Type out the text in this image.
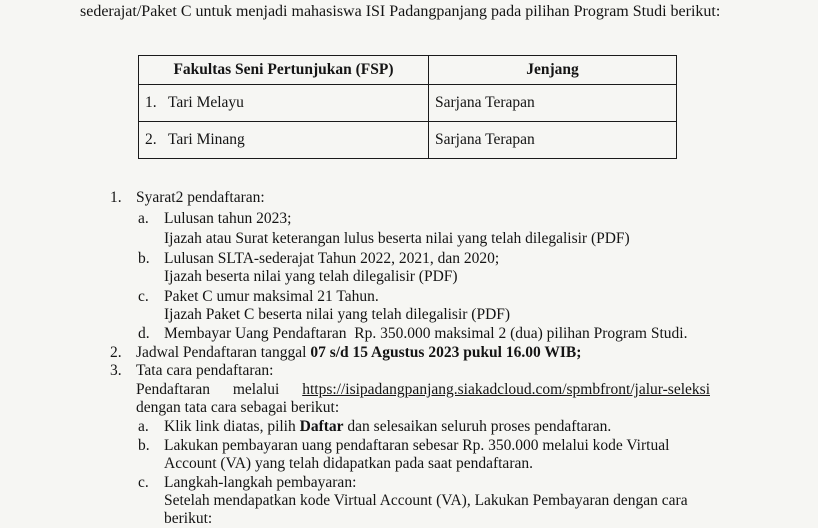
sederajat/Paket C untuk menjadi mahasiswa ISI Padangpanjang pada pilihan Program Studi berikut:
Fakultas Seni Pertunjukan (FSP)	Jenjang
1.   Tari Melayu	Sarjana Terapan
2.   Tari Minang	Sarjana Terapan
1. Syarat2 pendaftaran:
a. Lulusan tahun 2023;
Ijazah atau Surat keterangan lulus beserta nilai yang telah dilegalisir (PDF)
b. Lulusan SLTA-sederajat Tahun 2022, 2021, dan 2020;
Ijazah beserta nilai yang telah dilegalisir (PDF)
c. Paket C umur maksimal 21 Tahun.
Ijazah Paket C beserta nilai yang telah dilegalisir (PDF)
d. Membayar Uang Pendaftaran  Rp. 350.000 maksimal 2 (dua) pilihan Program Studi.
2. Jadwal Pendaftaran tanggal 07 s/d 15 Agustus 2023 pukul 16.00 WIB;
3. Tata cara pendaftaran:
Pendaftaran melalui https://isipadangpanjang.siakadcloud.com/spmbfront/jalur-seleksi
dengan tata cara sebagai berikut:
a. Klik link diatas, pilih Daftar dan selesaikan seluruh proses pendaftaran.
b. Lakukan pembayaran uang pendaftaran sebesar Rp. 350.000 melalui kode Virtual
Account (VA) yang telah didapatkan pada saat pendaftaran.
c. Langkah-langkah pembayaran:
Setelah mendapatkan kode Virtual Account (VA), Lakukan Pembayaran dengan cara
berikut:
